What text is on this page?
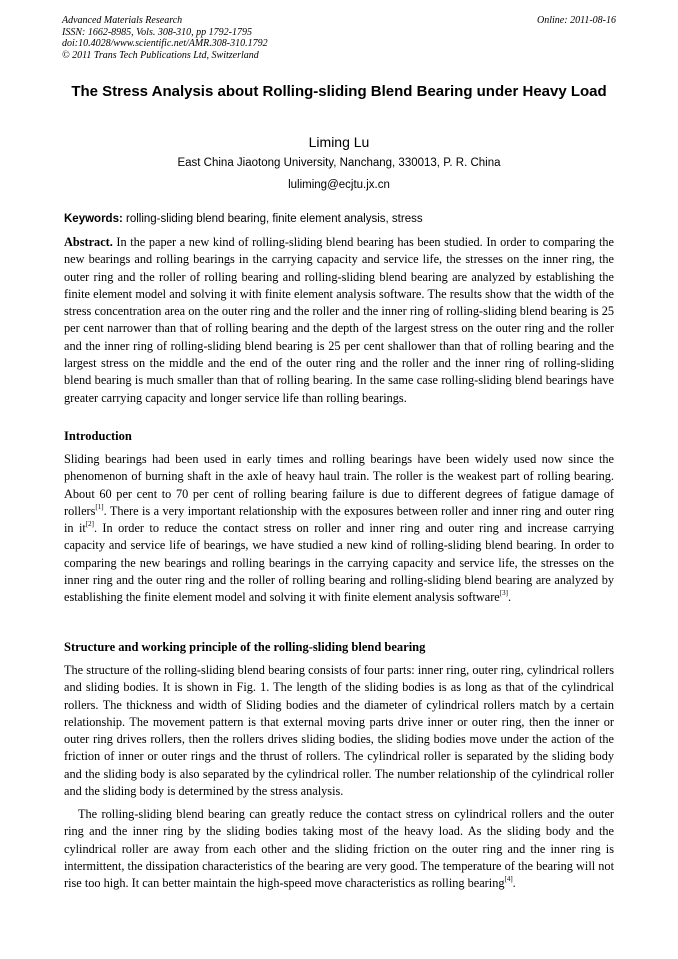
Advanced Materials Research
ISSN: 1662-8985, Vols. 308-310, pp 1792-1795
doi:10.4028/www.scientific.net/AMR.308-310.1792
© 2011 Trans Tech Publications Ltd, Switzerland
Online: 2011-08-16
The Stress Analysis about Rolling-sliding Blend Bearing under Heavy Load
Liming Lu
East China Jiaotong University, Nanchang, 330013, P. R. China
luliming@ecjtu.jx.cn
Keywords: rolling-sliding blend bearing, finite element analysis, stress

Abstract. In the paper a new kind of rolling-sliding blend bearing has been studied. In order to comparing the new bearings and rolling bearings in the carrying capacity and service life, the stresses on the inner ring, the outer ring and the roller of rolling bearing and rolling-sliding blend bearing are analyzed by establishing the finite element model and solving it with finite element analysis software. The results show that the width of the stress concentration area on the outer ring and the roller and the inner ring of rolling-sliding blend bearing is 25 per cent narrower than that of rolling bearing and the depth of the largest stress on the outer ring and the roller and the inner ring of rolling-sliding blend bearing is 25 per cent shallower than that of rolling bearing and the largest stress on the middle and the end of the outer ring and the roller and the inner ring of rolling-sliding blend bearing is much smaller than that of rolling bearing. In the same case rolling-sliding blend bearings have greater carrying capacity and longer service life than rolling bearings.

Introduction

Sliding bearings had been used in early times and rolling bearings have been widely used now since the phenomenon of burning shaft in the axle of heavy haul train. The roller is the weakest part of rolling bearing. About 60 per cent to 70 per cent of rolling bearing failure is due to different degrees of fatigue damage of rollers[1]. There is a very important relationship with the exposures between roller and inner ring and outer ring in it[2]. In order to reduce the contact stress on roller and inner ring and outer ring and increase carrying capacity and service life of bearings, we have studied a new kind of rolling-sliding blend bearing. In order to comparing the new bearings and rolling bearings in the carrying capacity and service life, the stresses on the inner ring and the outer ring and the roller of rolling bearing and rolling-sliding blend bearing are analyzed by establishing the finite element model and solving it with finite element analysis software[3].

Structure and working principle of the rolling-sliding blend bearing

The structure of the rolling-sliding blend bearing consists of four parts: inner ring, outer ring, cylindrical rollers and sliding bodies. It is shown in Fig. 1. The length of the sliding bodies is as long as that of the cylindrical rollers. The thickness and width of Sliding bodies and the diameter of cylindrical rollers match by a certain relationship. The movement pattern is that external moving parts drive inner or outer ring, then the inner or outer ring drives rollers, then the rollers drives sliding bodies, the sliding bodies move under the action of the friction of inner or outer rings and the thrust of rollers. The cylindrical roller is separated by the sliding body and the sliding body is also separated by the cylindrical roller. The number relationship of the cylindrical roller and the sliding body is determined by the stress analysis.

The rolling-sliding blend bearing can greatly reduce the contact stress on cylindrical rollers and the outer ring and the inner ring by the sliding bodies taking most of the heavy load. As the sliding body and the cylindrical roller are away from each other and the sliding friction on the outer ring and the inner ring is intermittent, the dissipation characteristics of the bearing are very good. The temperature of the bearing will not rise too high. It can better maintain the high-speed move characteristics as rolling bearing[4].
